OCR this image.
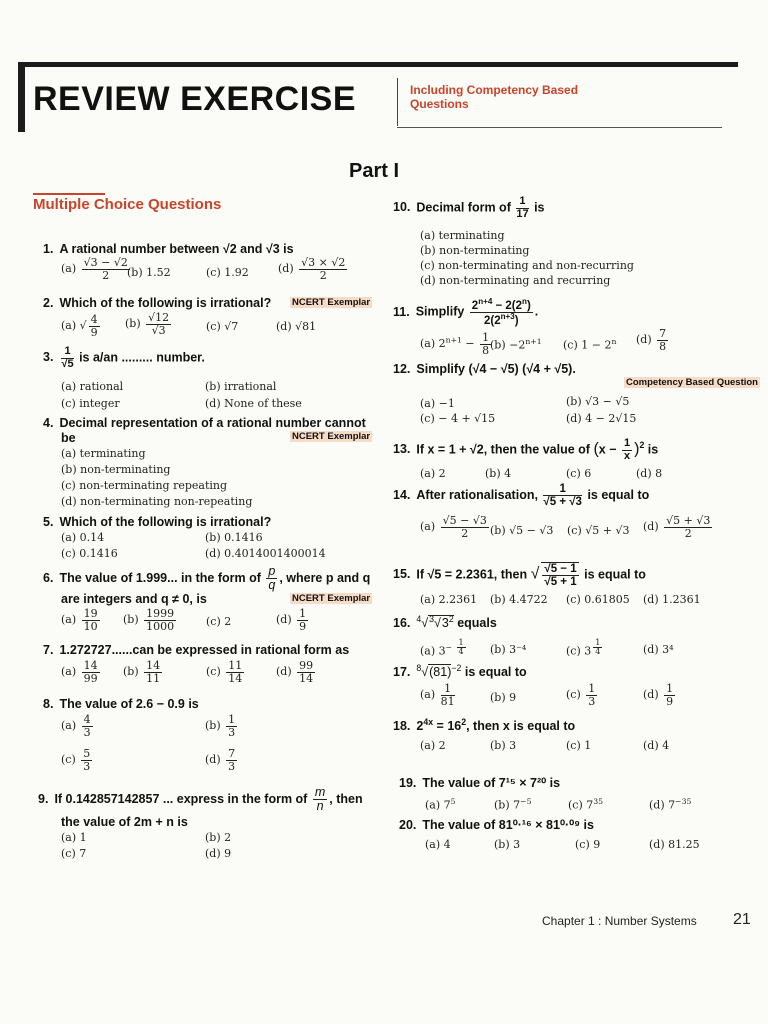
REVIEW EXERCISE	Including Competency Based Questions
Part I
Multiple Choice Questions
1. A rational number between √2 and √3 is
$(a) \frac{√3 - √2}{2}$
(b) 1.52	(c) 1.92	$(d) \frac{√3 \times √2}{2}$
2. Which of the following is irrational? NCERT Exemplar
(a) √ $\frac{4}{9} (b) \frac{√12}{√3}$	(c) √7	(d) √81
3. $\frac{1}{√5}$ is a/an ......... number.
(a) rational	(b) irrational
(c) integer	(d) None of these
4. Decimal representation of a rational number cannot
be	NCERT Exemplar
(a) terminating
(b) non-terminating
(c) non-terminating repeating
(d) non-terminating non-repeating
5. Which of the following is irrational?
(a) 0.14	(b) 0.1416
(c) 0.1416	(d) 0.4014001400014
6. The value of 1.999... in the form of $\frac{p}{q}$ , where p and q
are integers and q ≠ 0, is	NCERT Exemplar
$(a) \frac{19}{10} (b) \frac{1999}{1000}$	(c) 2	$(d) \frac{1}{9}$
7. 1.272727......can be expressed in rational form as
$(a) \frac{14}{99} (b) \frac{14}{11}$	$(c) \frac{11}{14}$	$(d) \frac{99}{14}$
8. The value of 2.6 − 0.9 is
$(a) \frac{4}{3}$	$(b) \frac{1}{3}$
$(c) \frac{5}{3}$	$(d) \frac{7}{3}$
9. If 0.142857142857 ... express in the form of $\frac{m}{n}$ , then
the value of 2m + n is
(a) 1	(b) 2
(c) 7	(d) 9
10. Decimal form of $\frac{1}{17}$ is
(a) terminating
(b) non-terminating
(c) non-terminating and non-recurring
(d) non-terminating and recurring
11. Simplify $\frac{2^{n+4} - 2(2^n)}{2(2^{n+3})}$ .
(a) $2^{n+1} - \frac{1}{8}$
$(b) -2^{n+1}$ (c) $1 - 2^n$ $(d) \frac{7}{8}$
12. Simplify (√4 − √5) (√4 + √5).
Competency Based Question
(a) −1	(b) √3 − √5
(c) − 4 + √15	(d) 4 − 2√15
13. If x = 1 + √2, then the value of $(x - \frac{1}{x} )^2$ is
(a) 2	(b) 4	(c) 6	(d) 8
14. After rationalisation, $\frac{1}{√5 + √3}$ is equal to
$(a) \frac{√5 - √3}{2} (b) √5 - √3$ (c) √5 + √3 $(d) \frac{√5 + √3}{2}$
15. If √5 = 2.2361, then √ $\frac{√5 - 1}{√5 + 1}$ is equal to
(a) 2.2361 (b) 4.4722 (c) 0.61805 (d) 1.2361
16. $^4√^3√3^2$ equals
(a) $3^{- \frac{1}{4}}$ (b) 3⁻⁴	(c) 3 $^{\frac{1}{4}}$	(d) 3⁴
17. $^8√(81)^{-2}$ is equal to
$(a) \frac{1}{81}$	(b) 9	$(c) \frac{1}{3}$	$(d) \frac{1}{9}$
18. $2^{4x} = 16^2$, then x is equal to
(a) 2	(b) 3	(c) 1	(d) 4
19. The value of 7¹⁵ × 7²⁰ is
(a) $7^5$	(b) $7^{-5}$	(c) $7^{35}$	(d) $7^{-35}$
20. The value of 81⁰·¹⁶ × 81⁰·⁰⁹ is
(a) 4	(b) 3	(c) 9	(d) 81.25
Chapter 1 : Number Systems 21
